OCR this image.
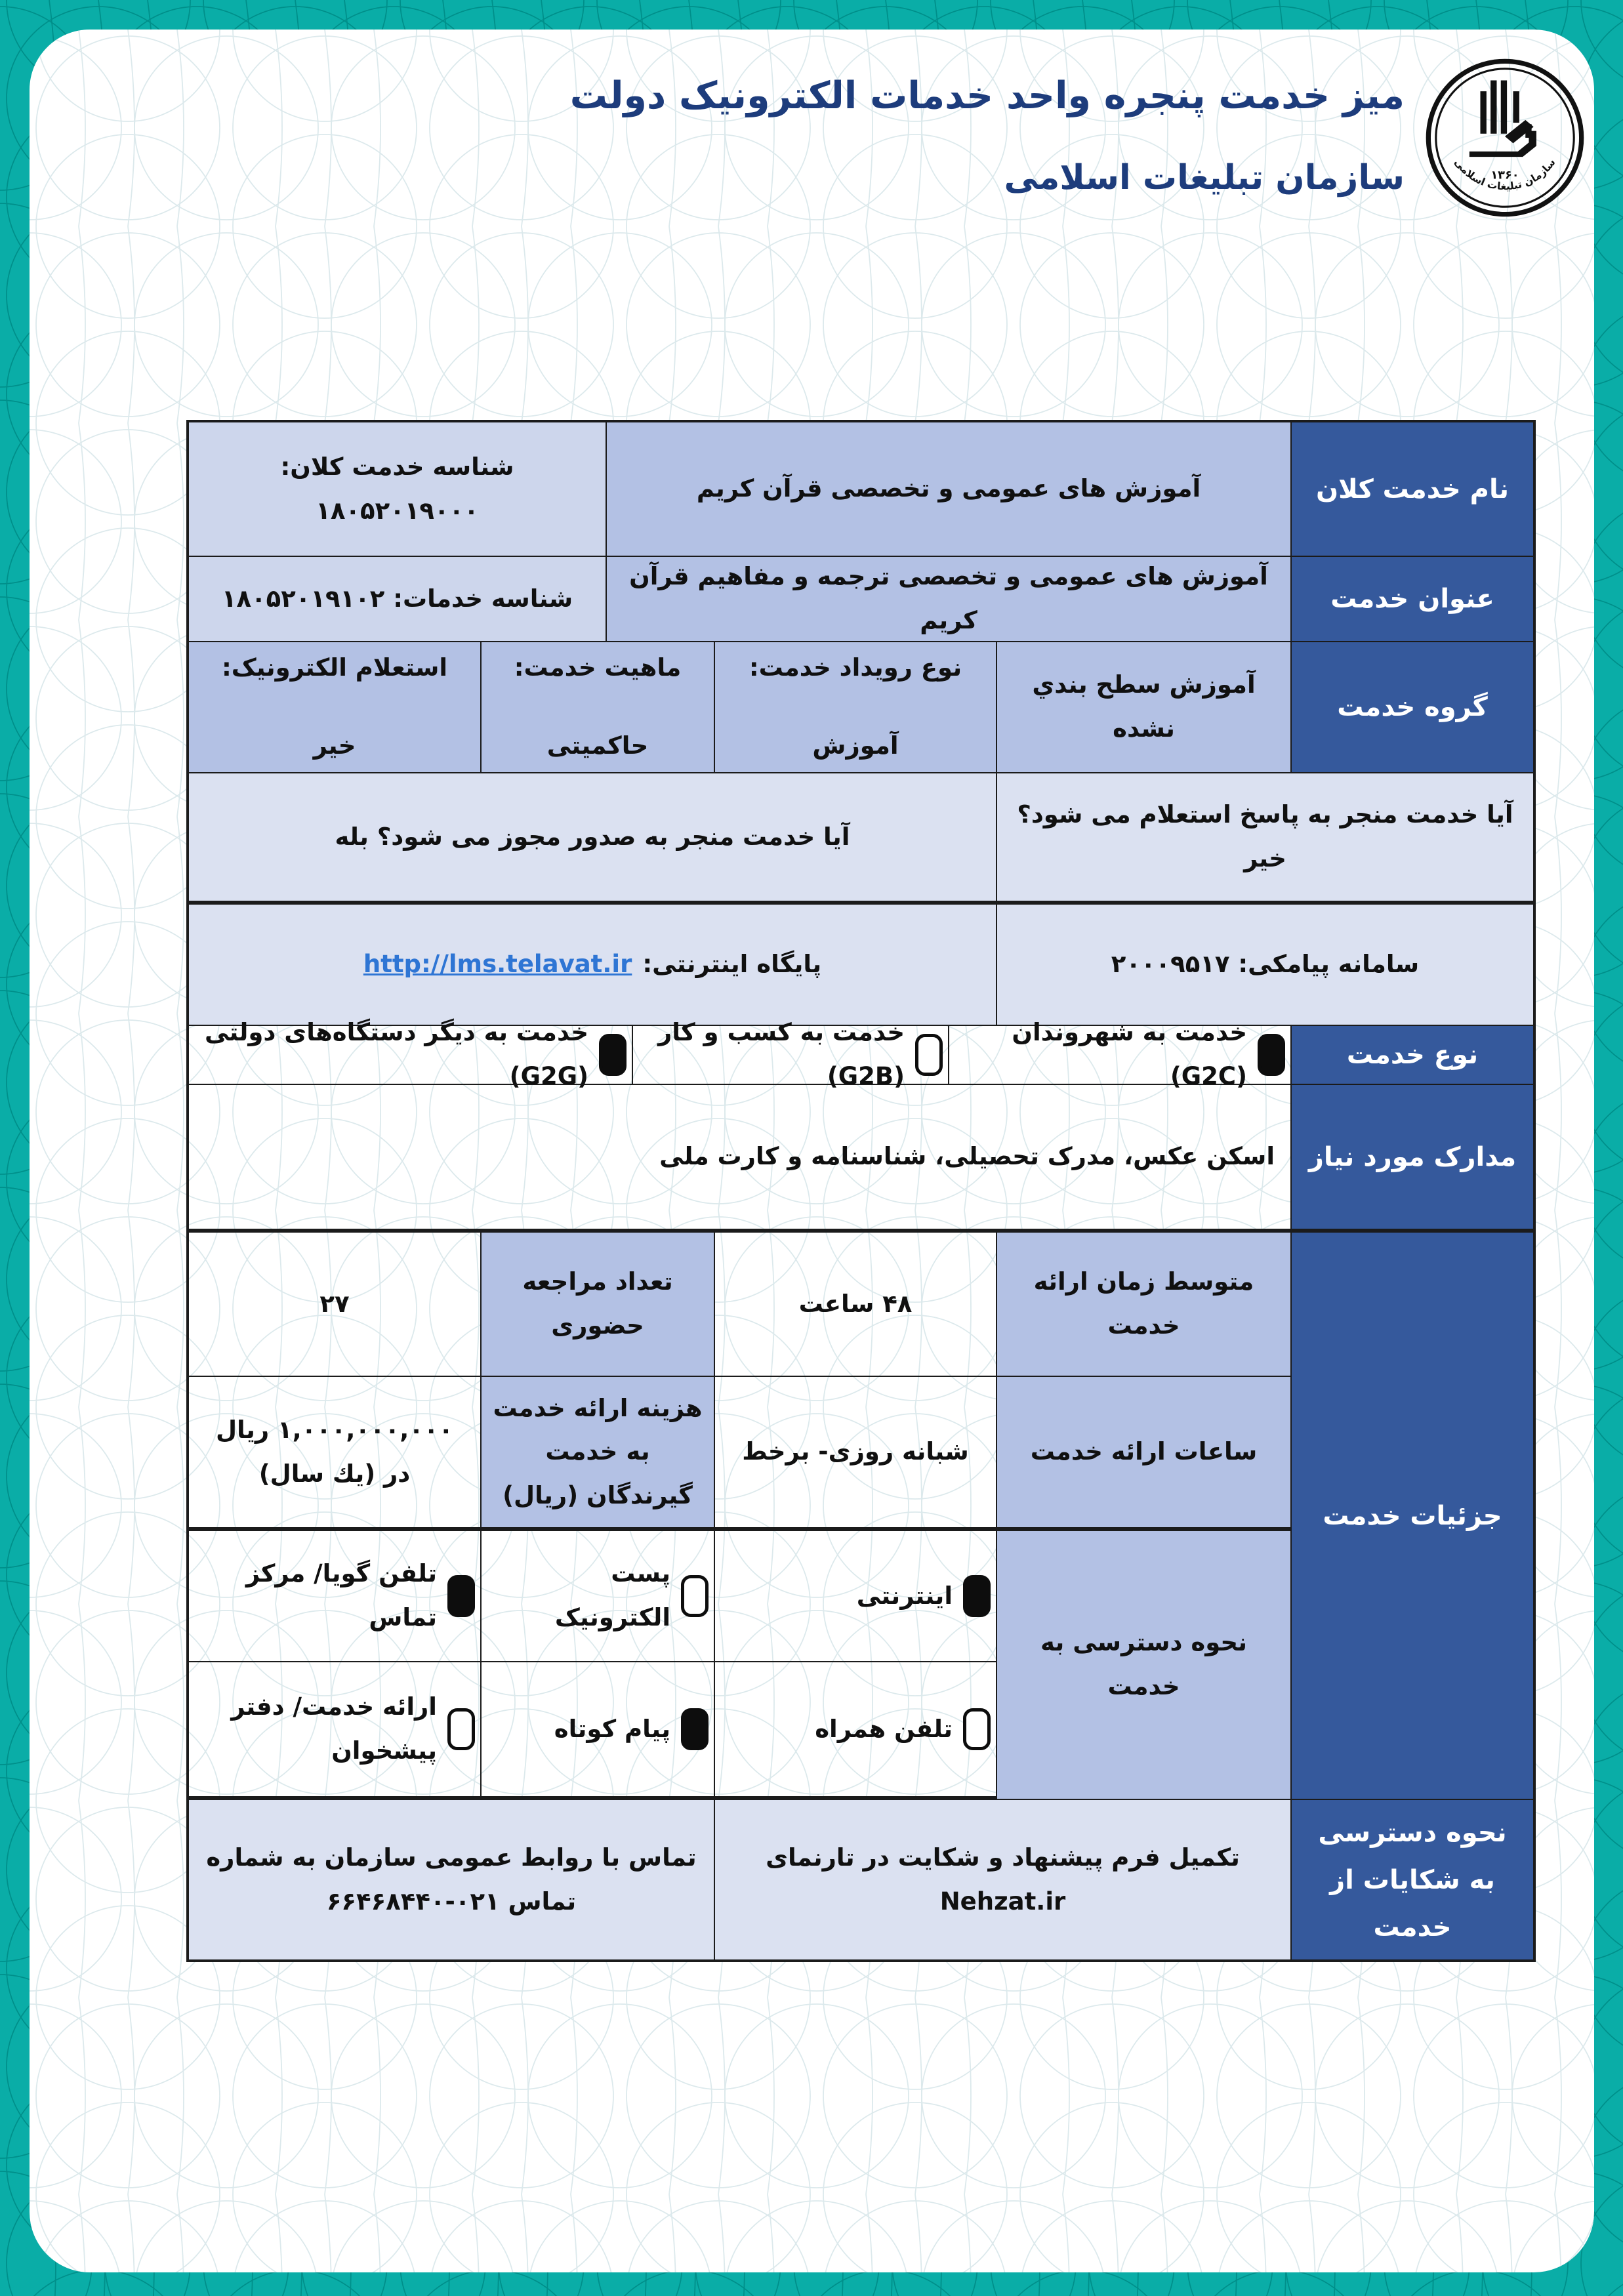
۱۳۶۰
سازمان تبلیغات اسلامی
میز خدمت پنجره واحد خدمات الکترونیک دولت
سازمان تبلیغات اسلامی
نام خدمت کلان
آموزش های عمومی و تخصصی قرآن کریم
شناسه خدمت کلان: ۱۸۰۵۲۰۱۹۰۰۰
عنوان خدمت
آموزش های عمومی و تخصصی ترجمه و مفاهیم قرآن کریم
شناسه خدمات: ۱۸۰۵۲۰۱۹۱۰۲
گروه خدمت
آموزش سطح بندي نشده
نوع رویداد خدمت:
آموزش
ماهیت خدمت:
حاکمیتی
استعلام الکترونیک:
خیر
آیا خدمت منجر به پاسخ استعلام می شود؟ خیر
آیا خدمت منجر به صدور مجوز می شود؟ بله
سامانه پیامکی: ۲۰۰۰۹۵۱۷
پایگاه اینترنتی:
http://lms.telavat.ir
نوع خدمت
خدمت به شهروندان (G2C)
خدمت به کسب و کار (G2B)
خدمت به دیگر دستگاه‌های دولتی (G2G)
مدارک مورد نیاز
اسکن عکس، مدرک تحصیلی، شناسنامه و کارت ملی
جزئیات خدمت
متوسط زمان ارائه خدمت
۴۸ ساعت
تعداد مراجعه حضوری
۲۷
ساعات ارائه خدمت
شبانه روزی- برخط
هزینه ارائه خدمت به خدمت گیرندگان (ریال)
۱,۰۰۰,۰۰۰,۰۰۰ ریال در (یك سال)
نحوه دسترسی به خدمت
اینترنتی
پست الکترونیک
تلفن گویا/ مرکز تماس
تلفن همراه
پیام کوتاه
ارائه خدمت/ دفتر پیشخوان
نحوه دسترسی به شکایات از خدمت
تکمیل فرم پیشنهاد و شکایت در تارنمای Nehzat.ir
تماس با روابط عمومی سازمان به شماره تماس ۰۲۱-۶۶۴۶۸۴۴۰
